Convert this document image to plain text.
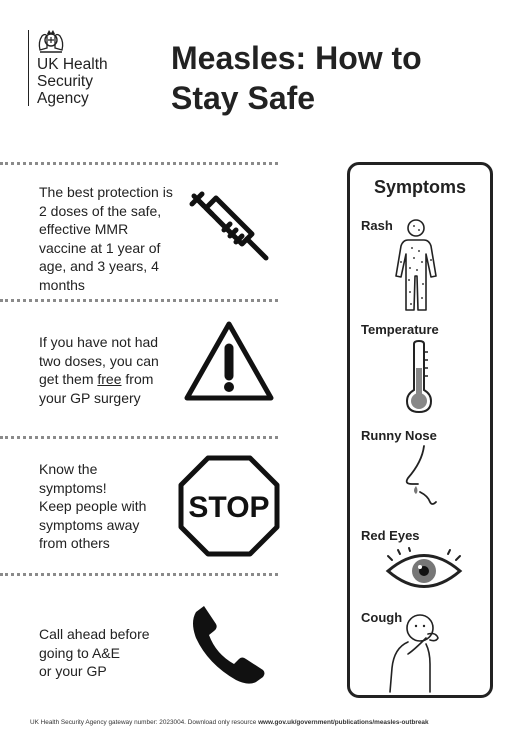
UK Health
Security
Agency
Measles: How to
Stay Safe
The best protection is
2 doses of the safe,
effective MMR
vaccine at 1 year of
age, and 3 years, 4
months
If you have not had
two doses, you can
get them free from
your GP surgery
Know the
symptoms!
Keep people with
symptoms away
from others
STOP
Call ahead before
going to A&E
or your GP
Symptoms
Rash
Temperature
Runny Nose
Red Eyes
Cough
UK Health Security Agency gateway number: 2023004. Download only resource www.gov.uk/government/publications/measles-outbreak
